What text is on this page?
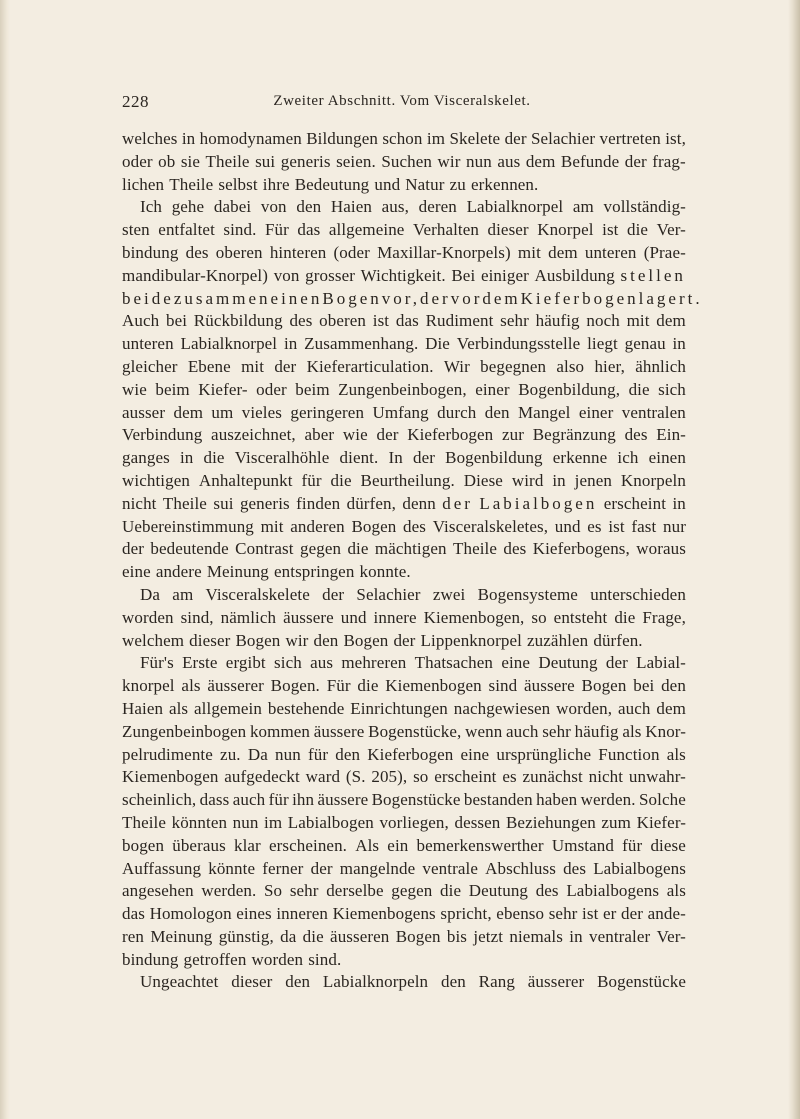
228	Zweiter Abschnitt. Vom Visceralskelet.
welches in homodynamen Bildungen schon im Skelete der Selachier vertreten ist,
oder ob sie Theile sui generis seien. Suchen wir nun aus dem Befunde der frag-
lichen Theile selbst ihre Bedeutung und Natur zu erkennen.
Ich gehe dabei von den Haien aus, deren Labialknorpel am vollständig-
sten entfaltet sind. Für das allgemeine Verhalten dieser Knorpel ist die Ver-
bindung des oberen hinteren (oder Maxillar-Knorpels) mit dem unteren (Prae-
mandibular-Knorpel) von grosser Wichtigkeit. Bei einiger Ausbildung stellen
beide zusammen einen Bogen vor, der vor dem Kieferbogen lagert.
Auch bei Rückbildung des oberen ist das Rudiment sehr häufig noch mit dem
unteren Labialknorpel in Zusammenhang. Die Verbindungsstelle liegt genau in
gleicher Ebene mit der Kieferarticulation. Wir begegnen also hier, ähnlich
wie beim Kiefer- oder beim Zungenbeinbogen, einer Bogenbildung, die sich
ausser dem um vieles geringeren Umfang durch den Mangel einer ventralen
Verbindung auszeichnet, aber wie der Kieferbogen zur Begränzung des Ein-
ganges in die Visceralhöhle dient. In der Bogenbildung erkenne ich einen
wichtigen Anhaltepunkt für die Beurtheilung. Diese wird in jenen Knorpeln
nicht Theile sui generis finden dürfen, denn der Labialbogen erscheint in
Uebereinstimmung mit anderen Bogen des Visceralskeletes, und es ist fast nur
der bedeutende Contrast gegen die mächtigen Theile des Kieferbogens, woraus
eine andere Meinung entspringen konnte.
Da am Visceralskelete der Selachier zwei Bogensysteme unterschieden
worden sind, nämlich äussere und innere Kiemenbogen, so entsteht die Frage,
welchem dieser Bogen wir den Bogen der Lippenknorpel zuzählen dürfen.
Für's Erste ergibt sich aus mehreren Thatsachen eine Deutung der Labial-
knorpel als äusserer Bogen. Für die Kiemenbogen sind äussere Bogen bei den
Haien als allgemein bestehende Einrichtungen nachgewiesen worden, auch dem
Zungenbeinbogen kommen äussere Bogenstücke, wenn auch sehr häufig als Knor-
pelrudimente zu. Da nun für den Kieferbogen eine ursprüngliche Function als
Kiemenbogen aufgedeckt ward (S. 205), so erscheint es zunächst nicht unwahr-
scheinlich, dass auch für ihn äussere Bogenstücke bestanden haben werden. Solche
Theile könnten nun im Labialbogen vorliegen, dessen Beziehungen zum Kiefer-
bogen überaus klar erscheinen. Als ein bemerkenswerther Umstand für diese
Auffassung könnte ferner der mangelnde ventrale Abschluss des Labialbogens
angesehen werden. So sehr derselbe gegen die Deutung des Labialbogens als
das Homologon eines inneren Kiemenbogens spricht, ebenso sehr ist er der ande-
ren Meinung günstig, da die äusseren Bogen bis jetzt niemals in ventraler Ver-
bindung getroffen worden sind.
Ungeachtet dieser den Labialknorpeln den Rang äusserer Bogenstücke
